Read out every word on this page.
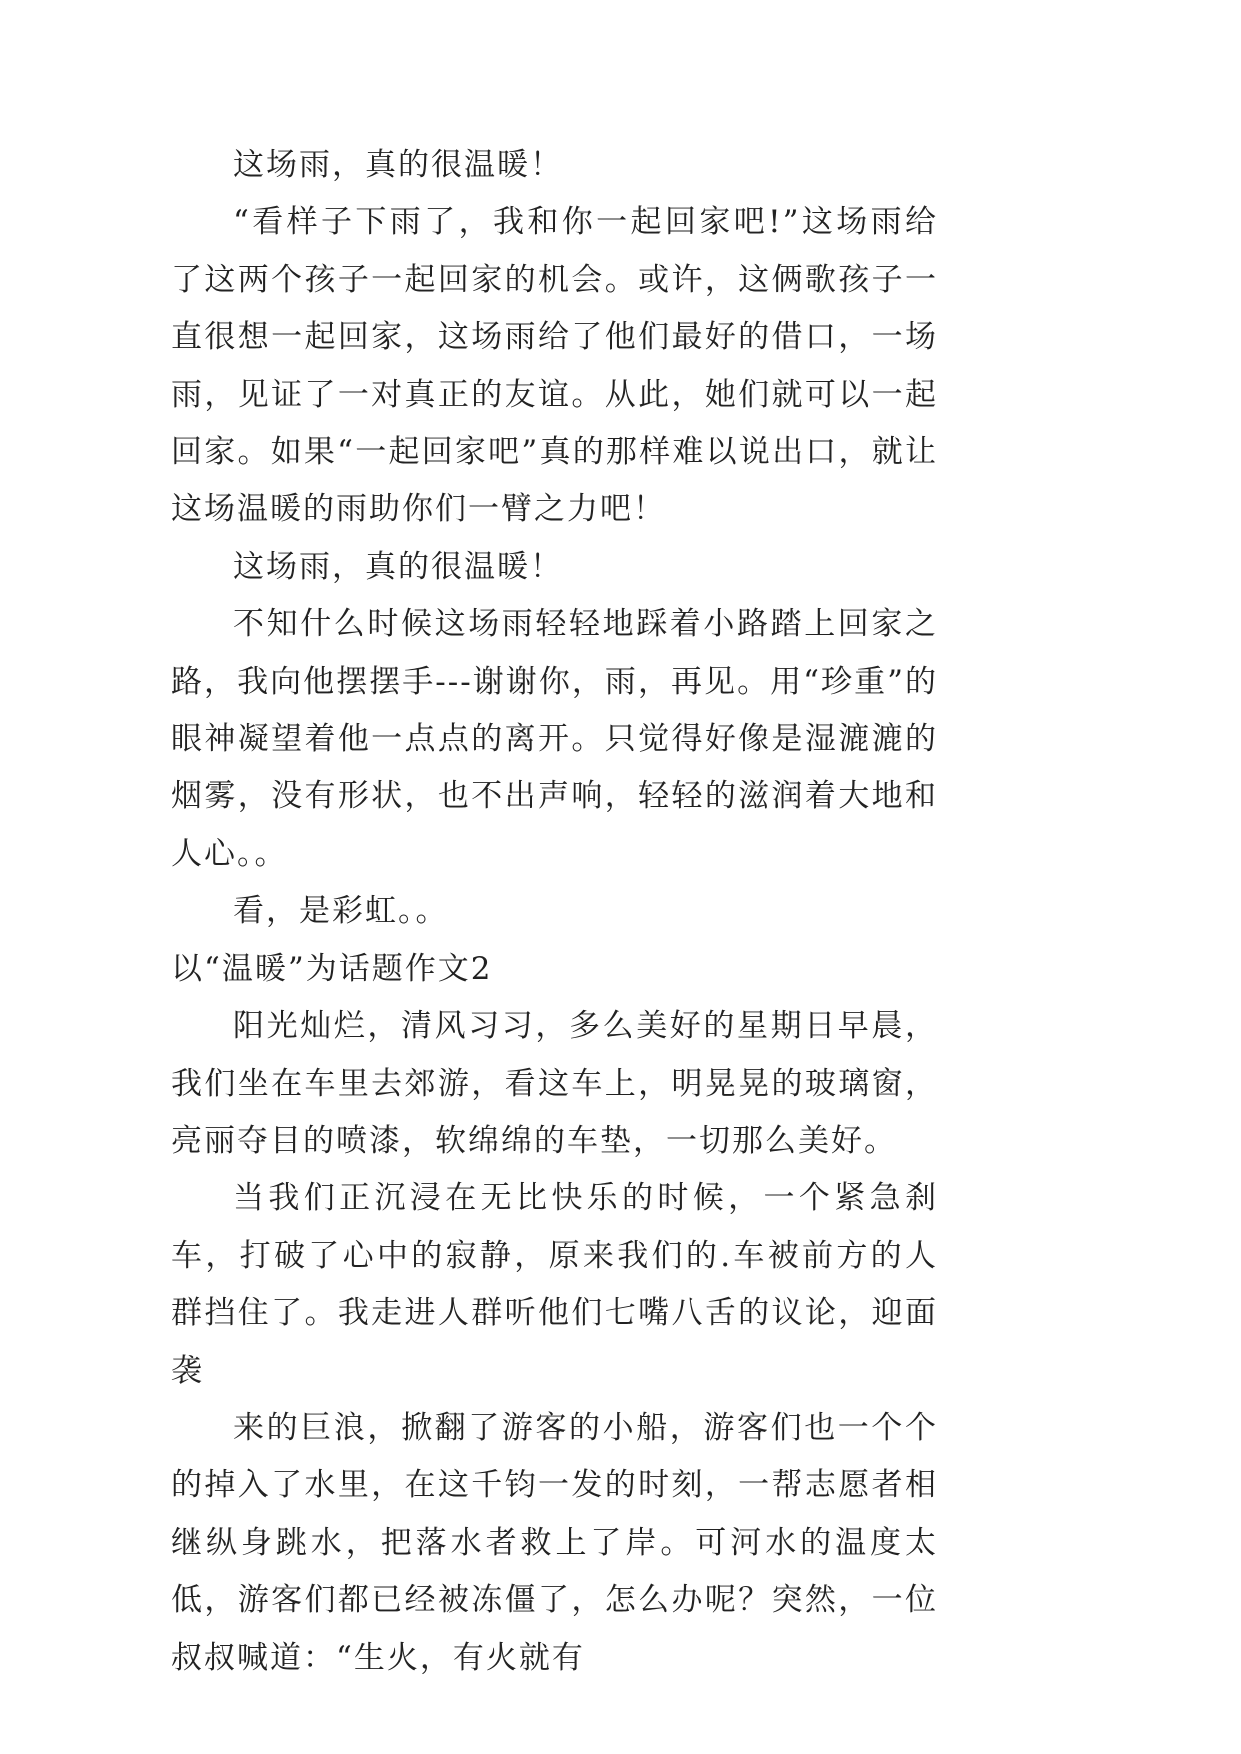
这场雨，真的很温暖！

“看样子下雨了，我和你一起回家吧!”这场雨给了这两个孩子一起回家的机会。或许，这俩歌孩子一直很想一起回家，这场雨给了他们最好的借口，一场雨，见证了一对真正的友谊。从此，她们就可以一起回家。如果“一起回家吧”真的那样难以说出口，就让这场温暖的雨助你们一臂之力吧！

这场雨，真的很温暖！

不知什么时候这场雨轻轻地踩着小路踏上回家之路，我向他摆摆手---谢谢你，雨，再见。用“珍重”的眼神凝望着他一点点的离开。只觉得好像是湿漉漉的烟雾，没有形状，也不出声响，轻轻的滋润着大地和人心。。

看，是彩虹。。

以“温暖”为话题作文2

阳光灿烂，清风习习，多么美好的星期日早晨，我们坐在车里去郊游，看这车上，明晃晃的玻璃窗，亮丽夺目的喷漆，软绵绵的车垫，一切那么美好。

当我们正沉浸在无比快乐的时候，一个紧急刹车，打破了心中的寂静，原来我们的.车被前方的人群挡住了。我走进人群听他们七嘴八舌的议论，迎面袭

来的巨浪，掀翻了游客的小船，游客们也一个个的掉入了水里，在这千钧一发的时刻，一帮志愿者相继纵身跳水，把落水者救上了岸。可河水的温度太低，游客们都已经被冻僵了，怎么办呢？突然，一位叔叔喊道：“生火，有火就有
